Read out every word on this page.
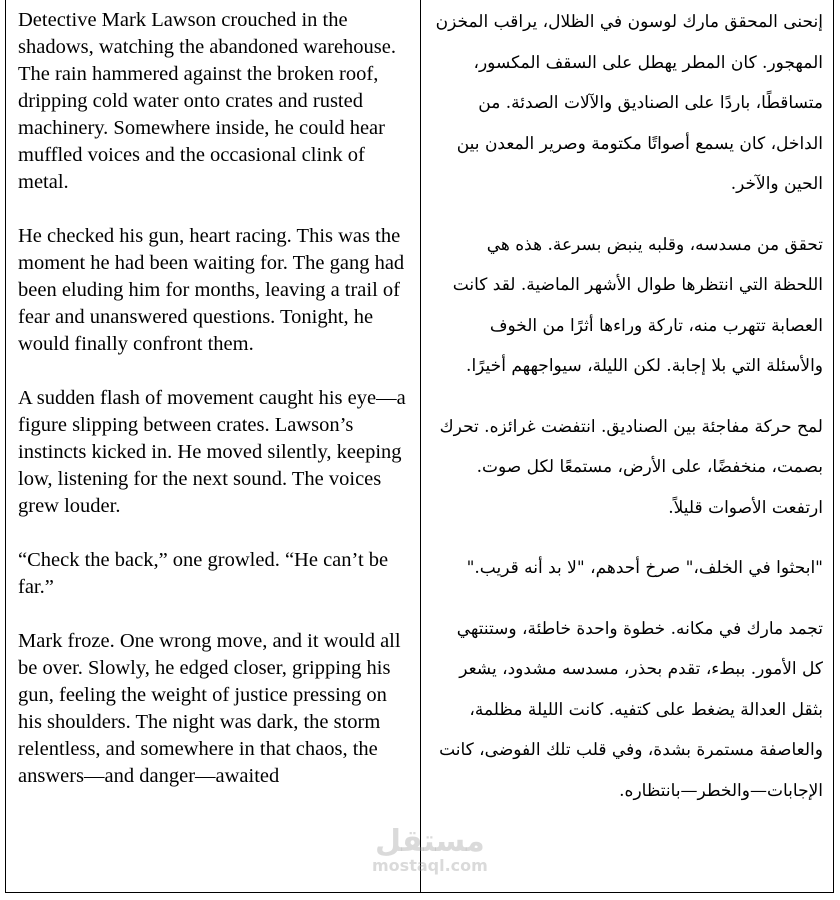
Detective Mark Lawson crouched in the shadows, watching the abandoned warehouse. The rain hammered against the broken roof, dripping cold water onto crates and rusted machinery. Somewhere inside, he could hear muffled voices and the occasional clink of metal.

He checked his gun, heart racing. This was the moment he had been waiting for. The gang had been eluding him for months, leaving a trail of fear and unanswered questions. Tonight, he would finally confront them.

A sudden flash of movement caught his eye—a figure slipping between crates. Lawson’s instincts kicked in. He moved silently, keeping low, listening for the next sound. The voices grew louder.

“Check the back,” one growled. “He can’t be far.”

Mark froze. One wrong move, and it would all be over. Slowly, he edged closer, gripping his gun, feeling the weight of justice pressing on his shoulders. The night was dark, the storm relentless, and somewhere in that chaos, the answers—and danger—awaited

إنحنى المحقق مارك لوسون في الظلال، يراقب المخزن المهجور. كان المطر يهطل على السقف المكسور، متساقطًا، باردًا على الصناديق والآلات الصدئة. من الداخل، كان يسمع أصواتًا مكتومة وصرير المعدن بين الحين والآخر.

تحقق من مسدسه، وقلبه ينبض بسرعة. هذه هي اللحظة التي انتظرها طوال الأشهر الماضية. لقد كانت العصابة تتهرب منه، تاركة وراءها أثرًا من الخوف والأسئلة التي بلا إجابة. لكن الليلة، سيواجههم أخيرًا.

لمح حركة مفاجئة بين الصناديق. انتفضت غرائزه. تحرك بصمت، منخفضًا، على الأرض، مستمعًا لكل صوت. ارتفعت الأصوات قليلاً.

"ابحثوا في الخلف،" صرخ أحدهم، "لا بد أنه قريب."

تجمد مارك في مكانه. خطوة واحدة خاطئة، وستنتهي كل الأمور. ببطء، تقدم بحذر، مسدسه مشدود، يشعر بثقل العدالة يضغط على كتفيه. كانت الليلة مظلمة، والعاصفة مستمرة بشدة، وفي قلب تلك الفوضى، كانت الإجابات—والخطر—بانتظاره.

مستقل
mostaql.com
